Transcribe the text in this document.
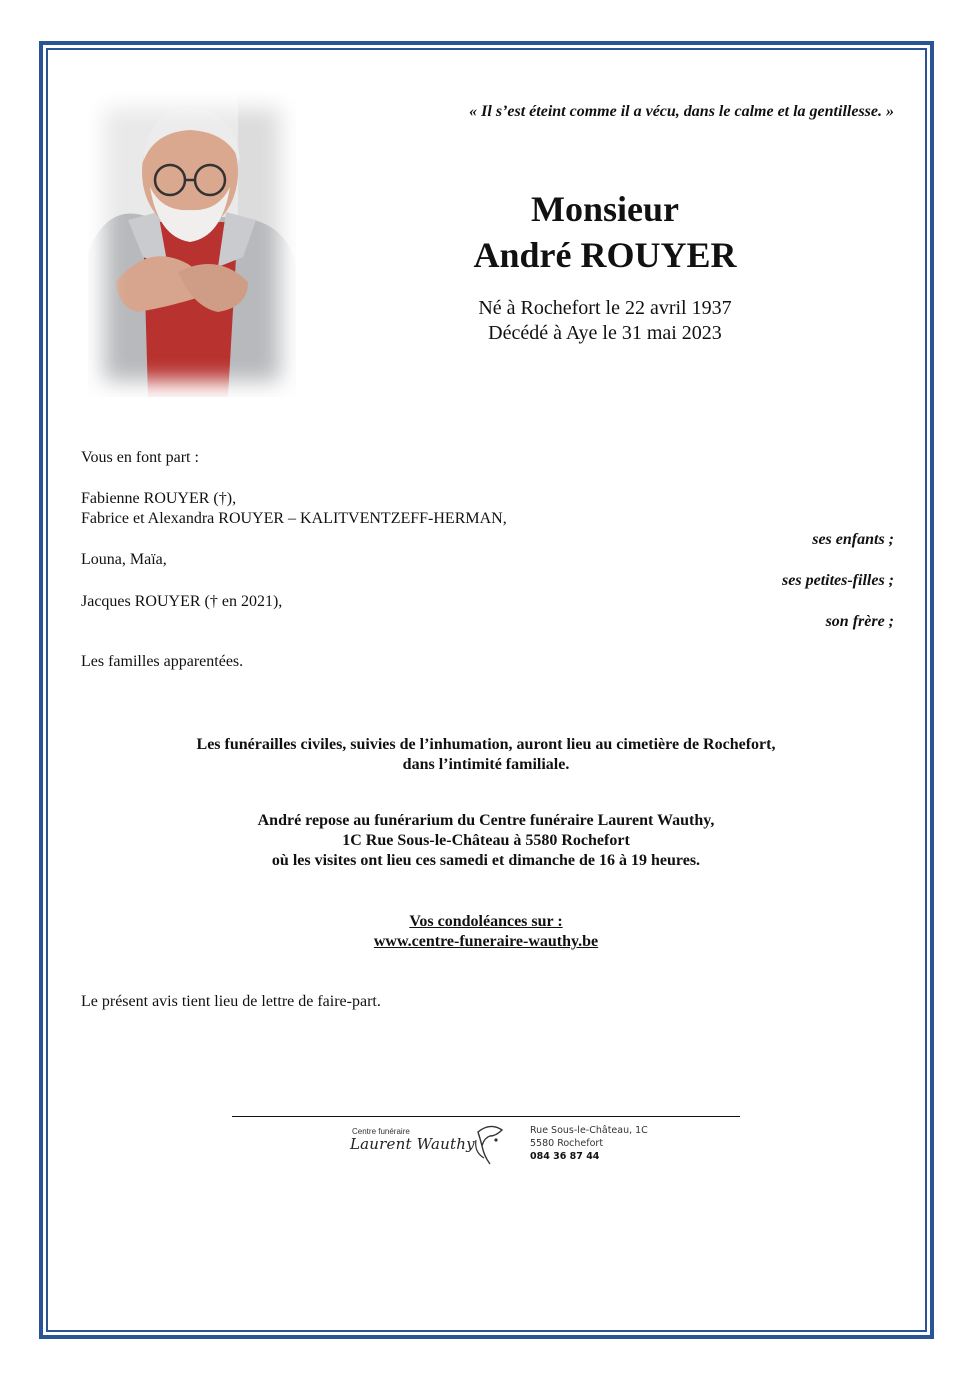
« Il s’est éteint comme il a vécu, dans le calme et la gentillesse. »
Monsieur
André ROUYER
Né à Rochefort le 22 avril 1937
Décédé à Aye le 31 mai 2023
Vous en font part :
Fabienne ROUYER (†),
Fabrice et Alexandra ROUYER – KALITVENTZEFF-HERMAN,
ses enfants ;
Louna, Maïa,
ses petites-filles ;
Jacques ROUYER († en 2021),
son frère ;
Les familles apparentées.
Les funérailles civiles, suivies de l’inhumation, auront lieu au cimetière de Rochefort,
dans l’intimité familiale.
André repose au funérarium du Centre funéraire Laurent Wauthy,
1C Rue Sous-le-Château à 5580 Rochefort
où les visites ont lieu ces samedi et dimanche de 16 à 19 heures.
Vos condoléances sur :
www.centre-funeraire-wauthy.be
Le présent avis tient lieu de lettre de faire-part.
Centre funéraire
Laurent Wauthy
Rue Sous-le-Château, 1C
5580 Rochefort
084 36 87 44
